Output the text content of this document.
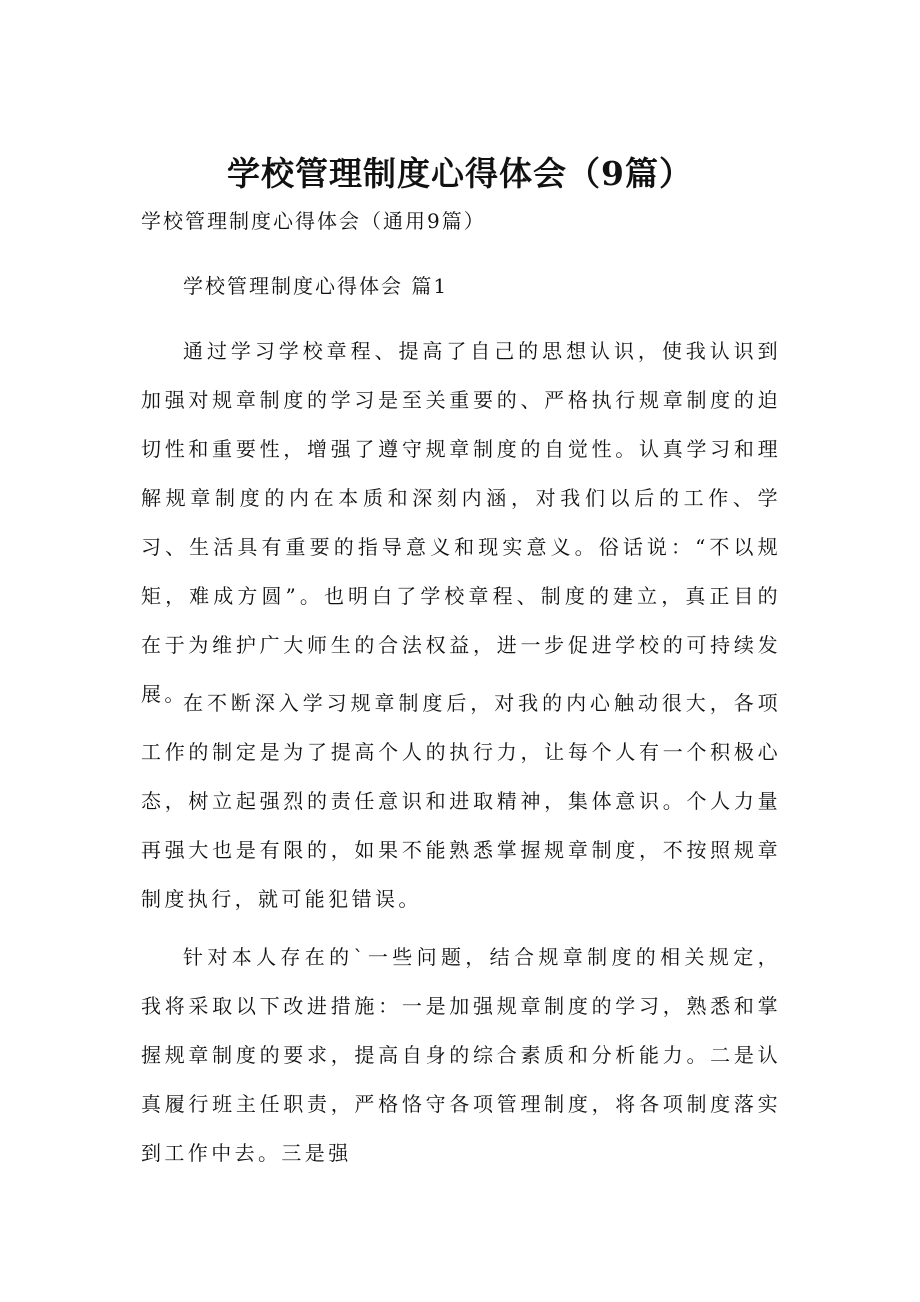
学校管理制度心得体会（9篇）

学校管理制度心得体会（通用9篇）

学校管理制度心得体会 篇1

通过学习学校章程、提高了自己的思想认识，使我认识到加强对规章制度的学习是至关重要的、严格执行规章制度的迫切性和重要性，增强了遵守规章制度的自觉性。认真学习和理解规章制度的内在本质和深刻内涵，对我们以后的工作、学习、生活具有重要的指导意义和现实意义。俗话说：“不以规矩，难成方圆”。也明白了学校章程、制度的建立，真正目的在于为维护广大师生的合法权益，进一步促进学校的可持续发展。

在不断深入学习规章制度后，对我的内心触动很大，各项工作的制定是为了提高个人的执行力，让每个人有一个积极心态，树立起强烈的责任意识和进取精神，集体意识。个人力量再强大也是有限的，如果不能熟悉掌握规章制度，不按照规章制度执行，就可能犯错误。

针对本人存在的`一些问题，结合规章制度的相关规定，我将采取以下改进措施：一是加强规章制度的学习，熟悉和掌握规章制度的要求，提高自身的综合素质和分析能力。二是认真履行班主任职责，严格恪守各项管理制度，将各项制度落实到工作中去。三是强
